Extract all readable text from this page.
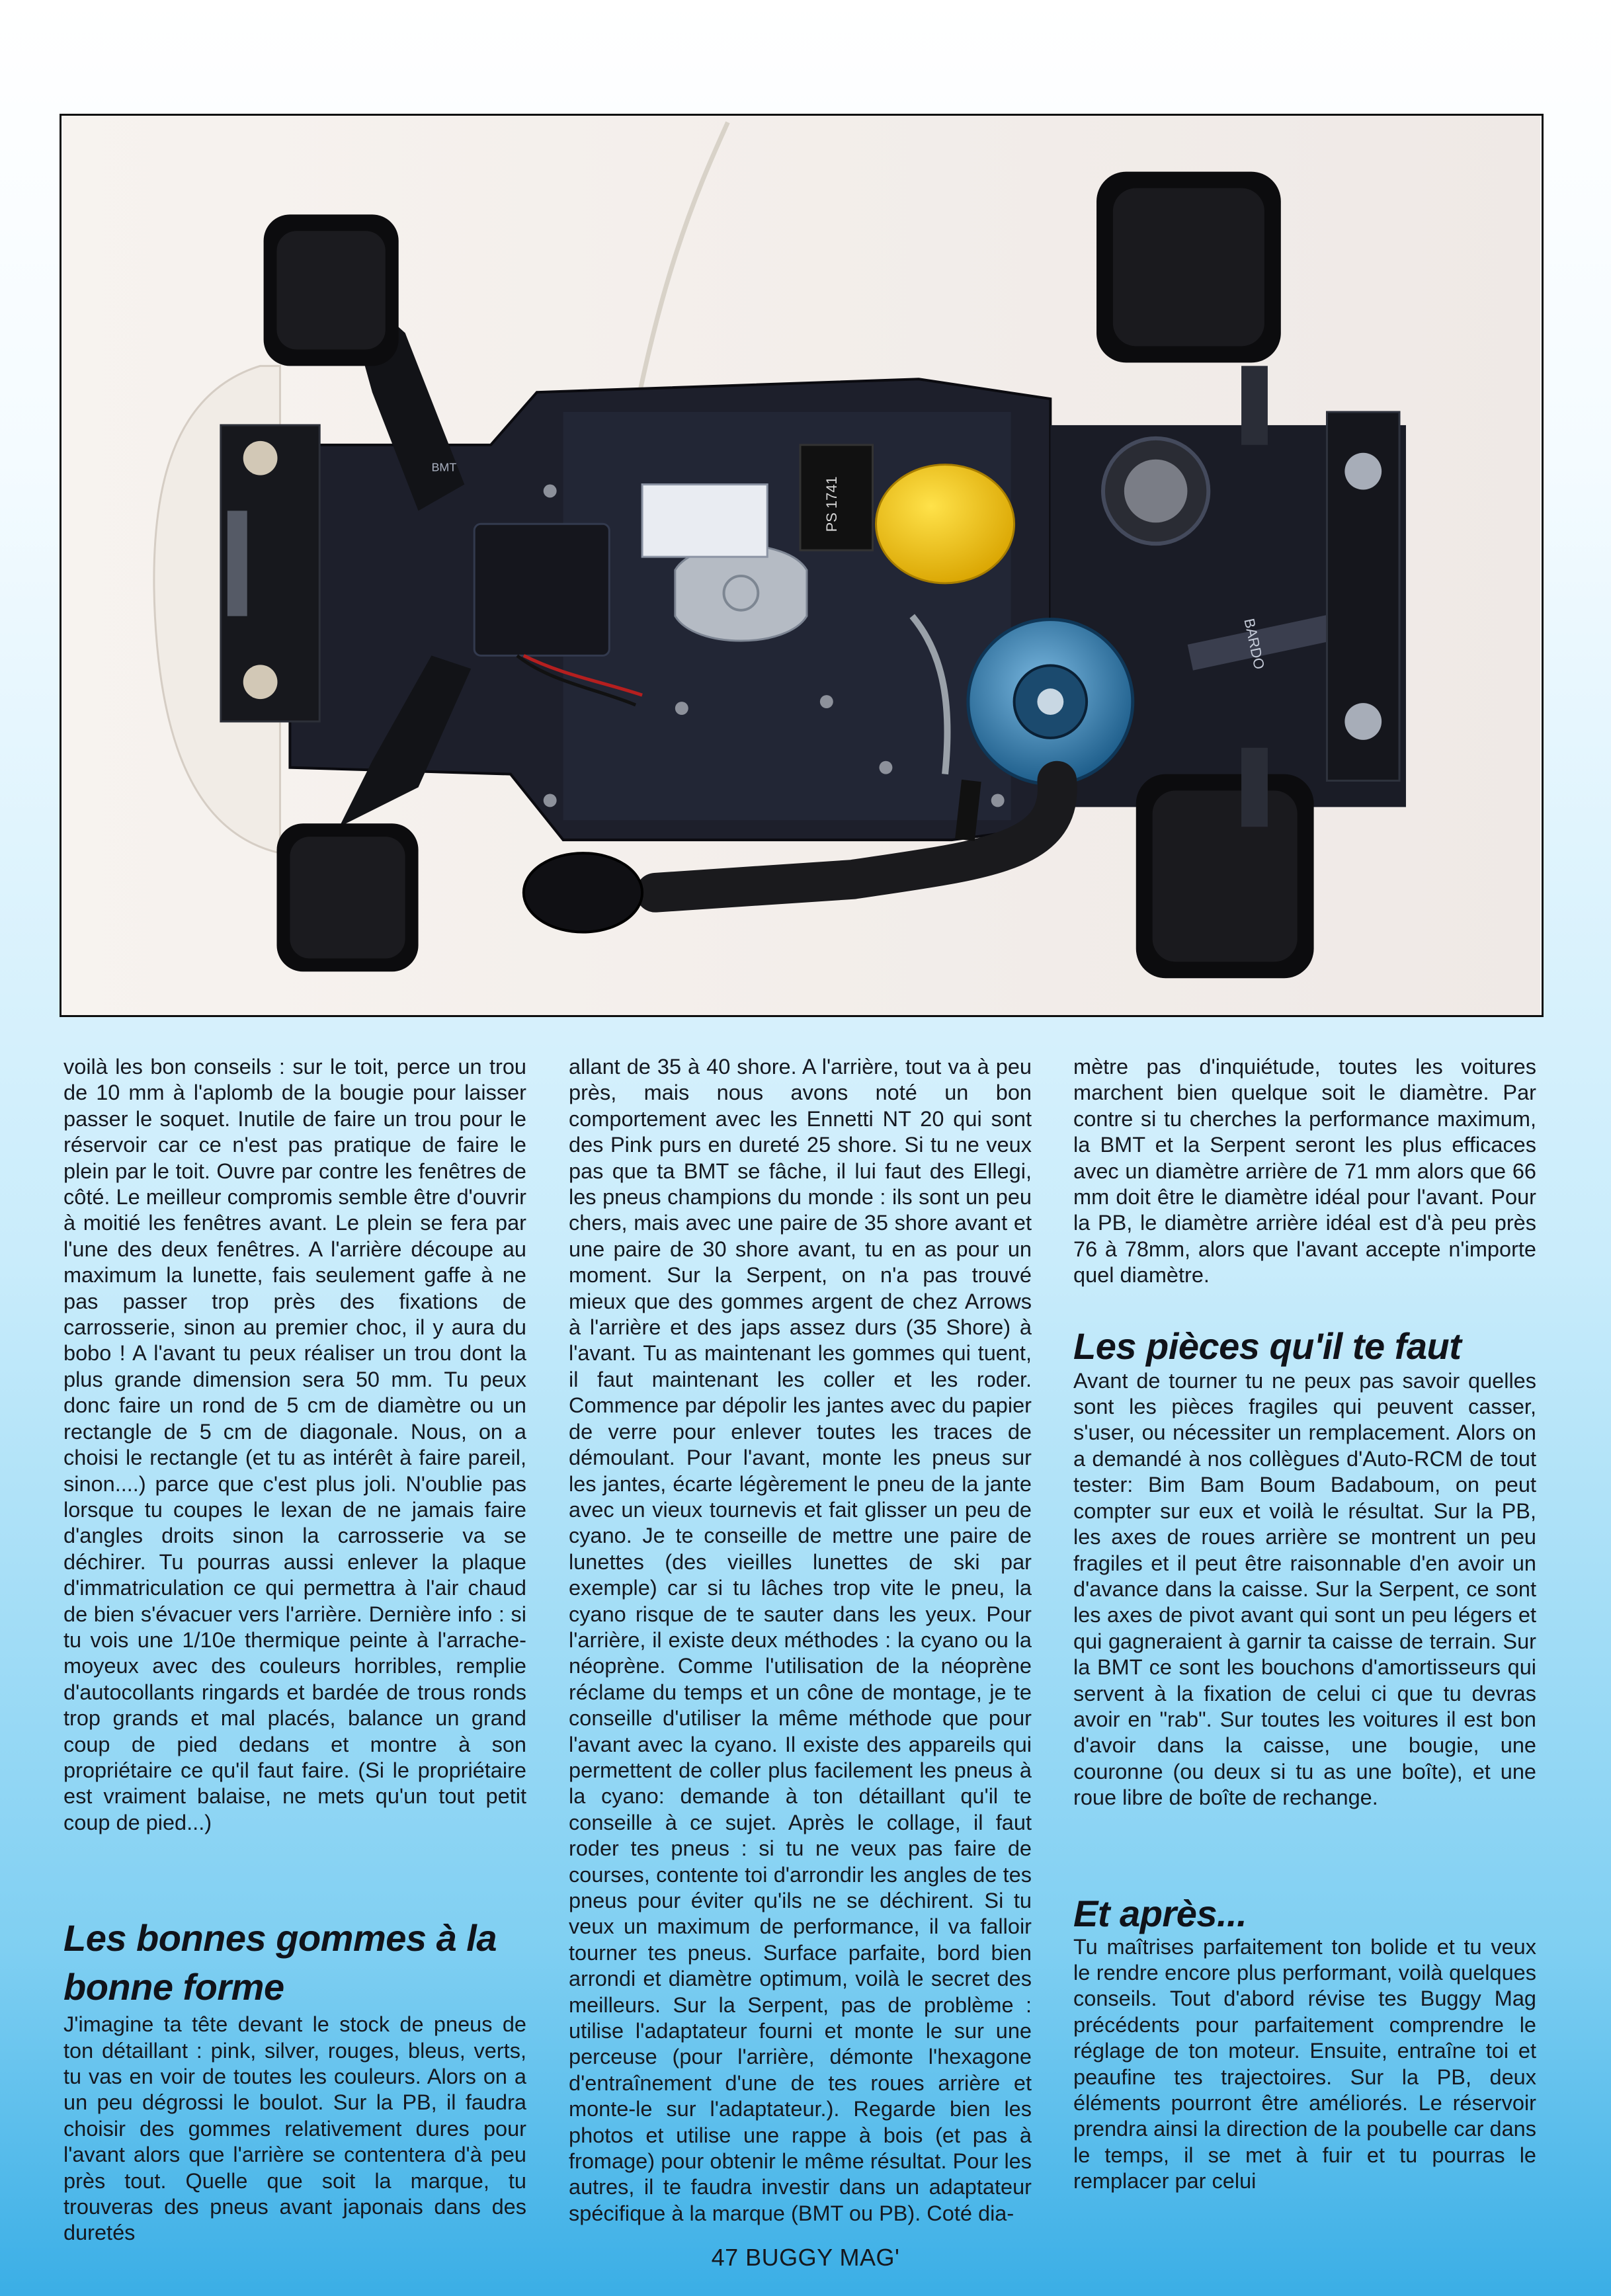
PS 1741
BARDO
BMT

voilà les bon conseils : sur le toit, perce un trou de 10 mm à l'aplomb de la bougie pour laisser passer le soquet. Inutile de faire un trou pour le réservoir car ce n'est pas pratique de faire le plein par le toit. Ouvre par contre les fenêtres de côté. Le meilleur compromis semble être d'ouvrir à moitié les fenêtres avant. Le plein se fera par l'une des deux fenêtres. A l'arrière découpe au maximum la lunette, fais seulement gaffe à ne pas passer trop près des fixations de carrosserie, sinon au premier choc, il y aura du bobo ! A l'avant tu peux réaliser un trou dont la plus grande dimension sera 50 mm. Tu peux donc faire un rond de 5 cm de diamètre ou un rectangle de 5 cm de diagonale. Nous, on a choisi le rectangle (et tu as intérêt à faire pareil, sinon....) parce que c'est plus joli. N'oublie pas lorsque tu coupes le lexan de ne jamais faire d'angles droits sinon la carrosserie va se déchirer. Tu pourras aussi enlever la plaque d'immatriculation ce qui permettra à l'air chaud de bien s'évacuer vers l'arrière. Dernière info : si tu vois une 1/10e thermique peinte à l'arrache-moyeux avec des couleurs horribles, remplie d'autocollants ringards et bardée de trous ronds trop grands et mal placés, balance un grand coup de pied dedans et montre à son propriétaire ce qu'il faut faire. (Si le propriétaire est vraiment balaise, ne mets qu'un tout petit coup de pied...)

Les bonnes gommes à la bonne forme

J'imagine ta tête devant le stock de pneus de ton détaillant : pink, silver, rouges, bleus, verts, tu vas en voir de toutes les couleurs. Alors on a un peu dégrossi le boulot. Sur la PB, il faudra choisir des gommes relativement dures pour l'avant alors que l'arrière se contentera d'à peu près tout. Quelle que soit la marque, tu trouveras des pneus avant japonais dans des duretés

allant de 35 à 40 shore. A l'arrière, tout va à peu près, mais nous avons noté un bon comportement avec les Ennetti NT 20 qui sont des Pink purs en dureté 25 shore. Si tu ne veux pas que ta BMT se fâche, il lui faut des Ellegi, les pneus champions du monde : ils sont un peu chers, mais avec une paire de 35 shore avant et une paire de 30 shore avant, tu en as pour un moment. Sur la Serpent, on n'a pas trouvé mieux que des gommes argent de chez Arrows à l'arrière et des japs assez durs (35 Shore) à l'avant. Tu as maintenant les gommes qui tuent, il faut maintenant les coller et les roder. Commence par dépolir les jantes avec du papier de verre pour enlever toutes les traces de démoulant. Pour l'avant, monte les pneus sur les jantes, écarte légèrement le pneu de la jante avec un vieux tournevis et fait glisser un peu de cyano. Je te conseille de mettre une paire de lunettes (des vieilles lunettes de ski par exemple) car si tu lâches trop vite le pneu, la cyano risque de te sauter dans les yeux. Pour l'arrière, il existe deux méthodes : la cyano ou la néoprène. Comme l'utilisation de la néoprène réclame du temps et un cône de montage, je te conseille d'utiliser la même méthode que pour l'avant avec la cyano. Il existe des appareils qui permettent de coller plus facilement les pneus à la cyano: demande à ton détaillant qu'il te conseille à ce sujet. Après le collage, il faut roder tes pneus : si tu ne veux pas faire de courses, contente toi d'arrondir les angles de tes pneus pour éviter qu'ils ne se déchirent. Si tu veux un maximum de performance, il va falloir tourner tes pneus. Surface parfaite, bord bien arrondi et diamètre optimum, voilà le secret des meilleurs. Sur la Serpent, pas de problème : utilise l'adaptateur fourni et monte le sur une perceuse (pour l'arrière, démonte l'hexagone d'entraînement d'une de tes roues arrière et monte-le sur l'adaptateur.). Regarde bien les photos et utilise une rappe à bois (et pas à fromage) pour obtenir le même résultat. Pour les autres, il te faudra investir dans un adaptateur spécifique à la marque (BMT ou PB). Coté dia-

mètre pas d'inquiétude, toutes les voitures marchent bien quelque soit le diamètre. Par contre si tu cherches la performance maximum, la BMT et la Serpent seront les plus efficaces avec un diamètre arrière de 71 mm alors que 66 mm doit être le diamètre idéal pour l'avant. Pour la PB, le diamètre arrière idéal est d'à peu près 76 à 78mm, alors que l'avant accepte n'importe quel diamètre.

Les pièces qu'il te faut

Avant de tourner tu ne peux pas savoir quelles sont les pièces fragiles qui peuvent casser, s'user, ou nécessiter un remplacement. Alors on a demandé à nos collègues d'Auto-RCM de tout tester: Bim Bam Boum Badaboum, on peut compter sur eux et voilà le résultat. Sur la PB, les axes de roues arrière se montrent un peu fragiles et il peut être raisonnable d'en avoir un d'avance dans la caisse. Sur la Serpent, ce sont les axes de pivot avant qui sont un peu légers et qui gagneraient à garnir ta caisse de terrain. Sur la BMT ce sont les bouchons d'amortisseurs qui servent à la fixation de celui ci que tu devras avoir en "rab". Sur toutes les voitures il est bon d'avoir dans la caisse, une bougie, une couronne (ou deux si tu as une boîte), et une roue libre de boîte de rechange.

Et après...

Tu maîtrises parfaitement ton bolide et tu veux le rendre encore plus performant, voilà quelques conseils. Tout d'abord révise tes Buggy Mag précédents pour parfaitement comprendre le réglage de ton moteur. Ensuite, entraîne toi et peaufine tes trajectoires. Sur la PB, deux éléments pourront être améliorés. Le réservoir prendra ainsi la direction de la poubelle car dans le temps, il se met à fuir et tu pourras le remplacer par celui

47 BUGGY MAG'
